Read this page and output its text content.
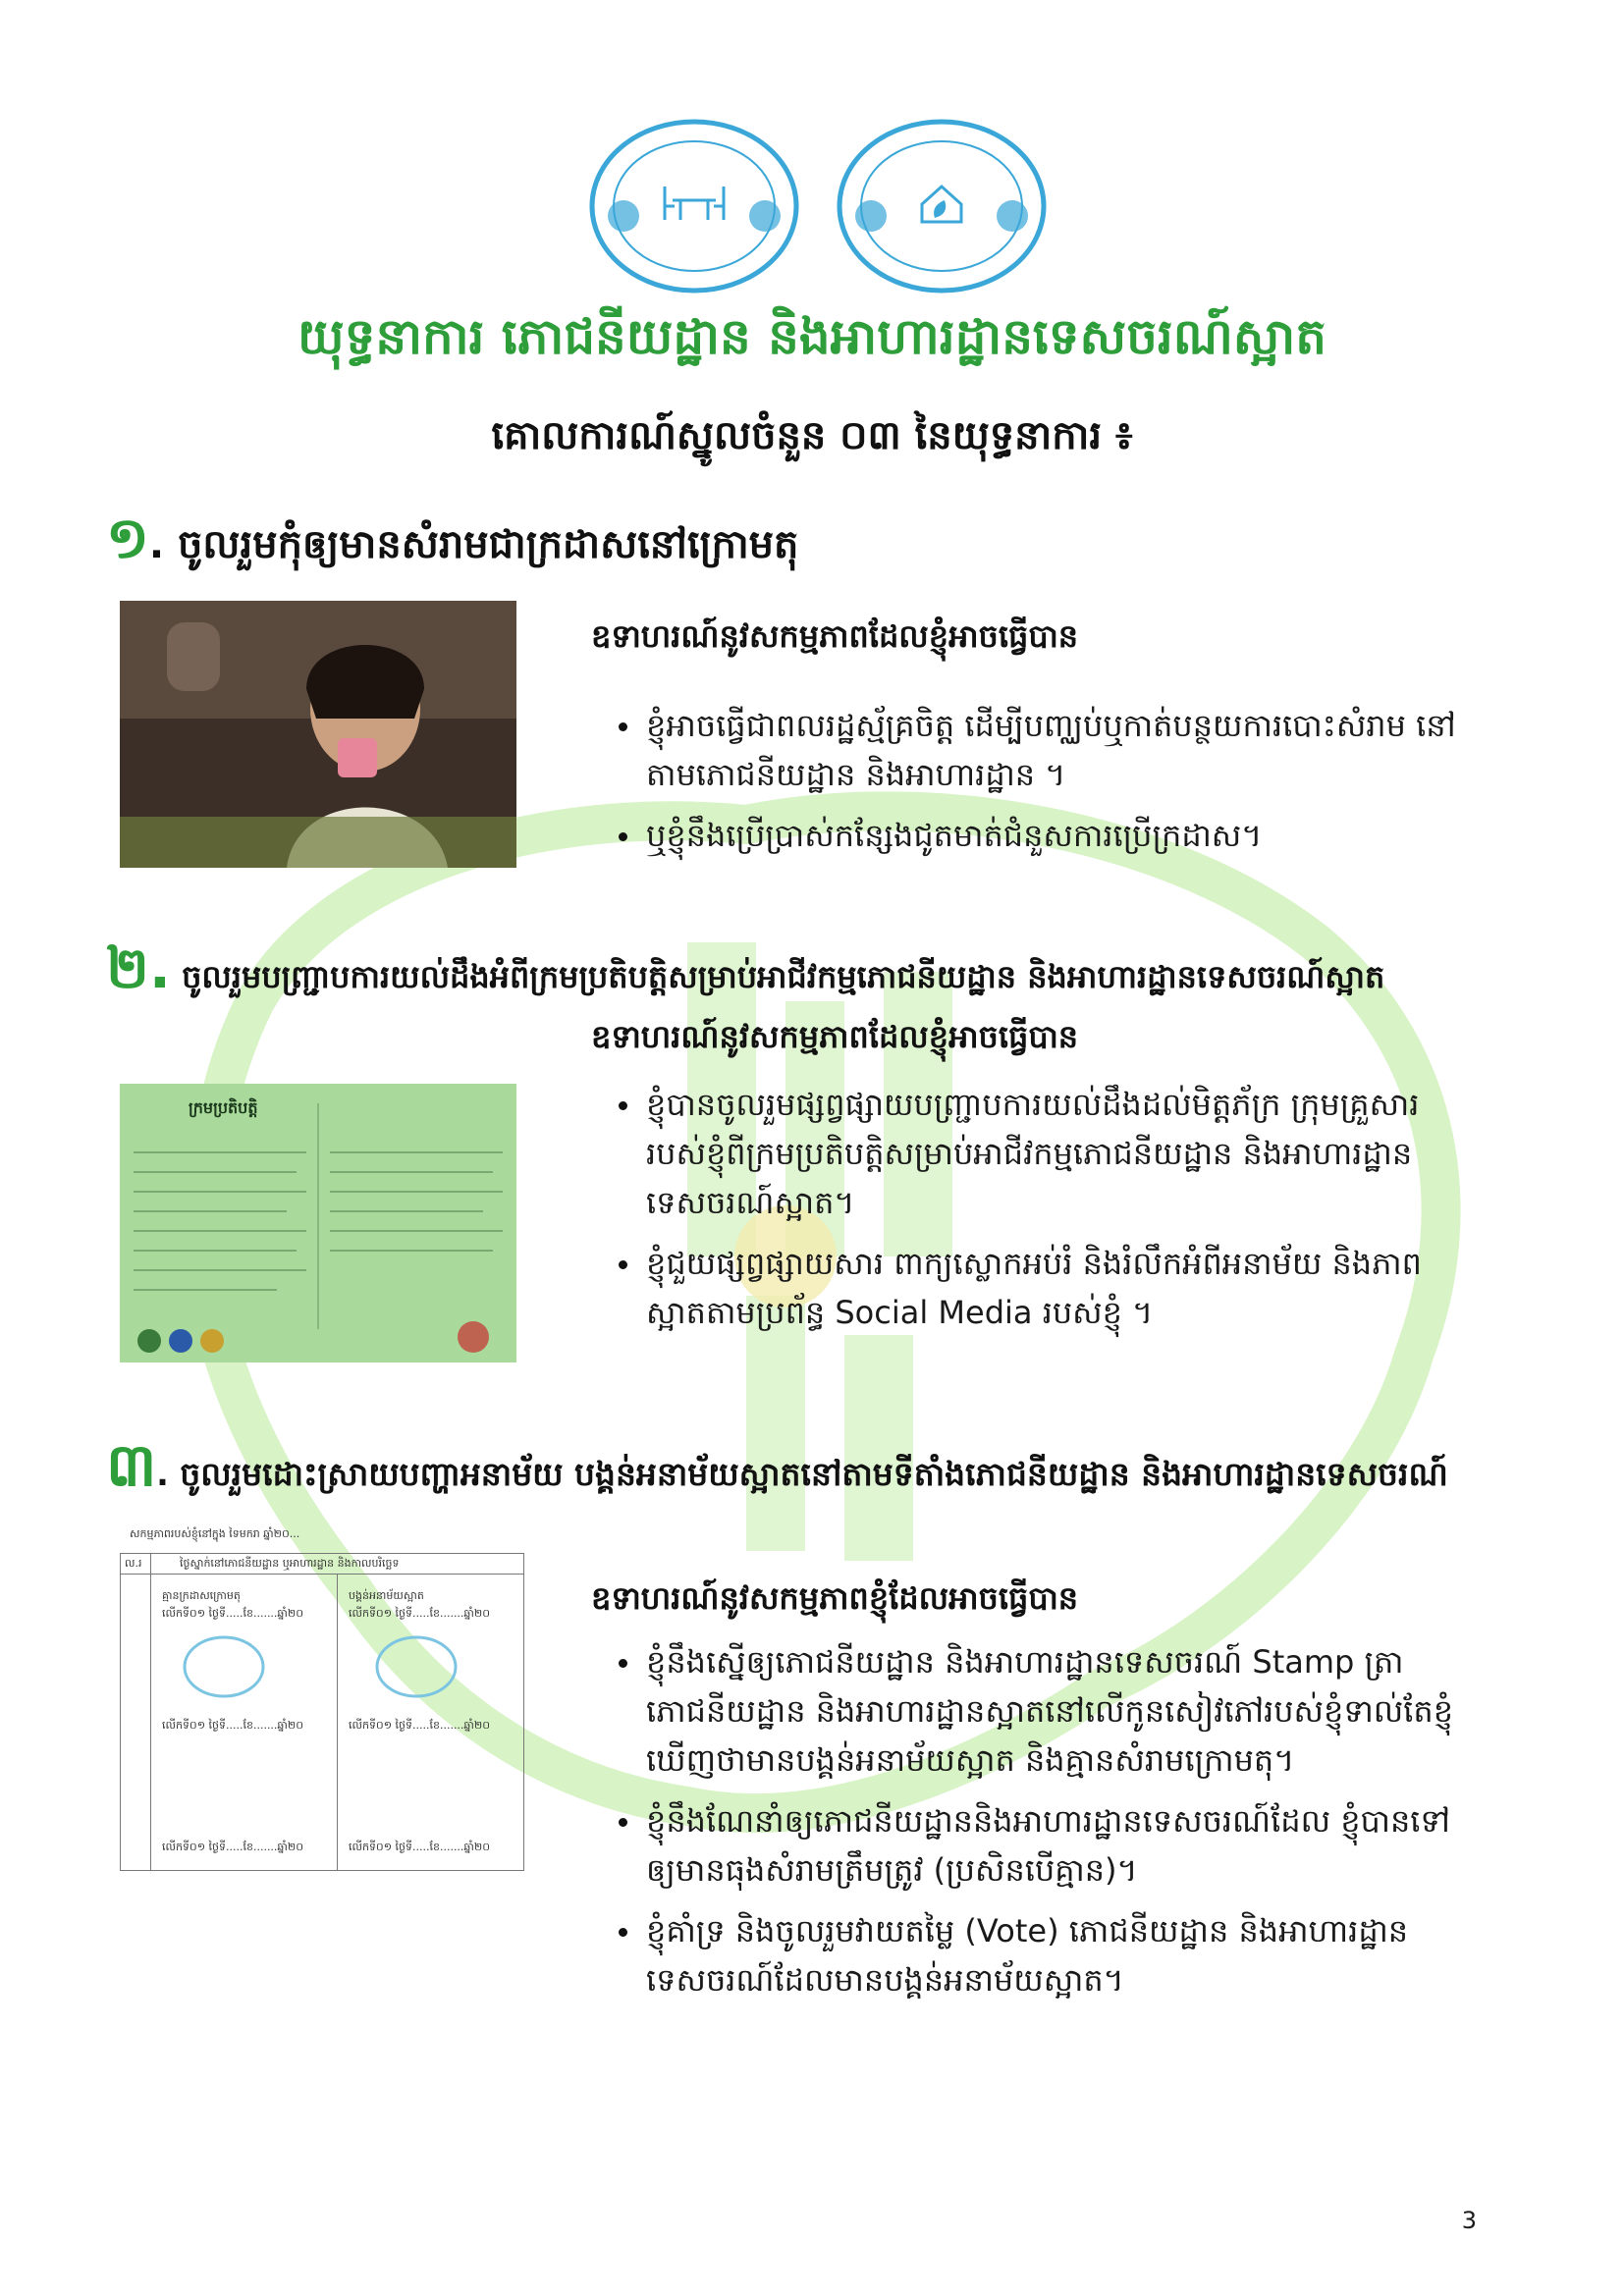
យុទ្ធនាការ ភោជនីយដ្ឋាន និងអាហារដ្ឋានទេសចរណ៍ស្អាត
គោលការណ៍ស្នូលចំនួន ០៣ នៃយុទ្ធនាការ ៖
១. ចូលរួមកុំឲ្យមានសំរាមជាក្រដាសនៅក្រោមតុ
ឧទាហរណ៍នូវសកម្មភាពដែលខ្ញុំអាចធ្វើបាន
ខ្ញុំអាចធ្វើជាពលរដ្ឋស្ម័គ្រចិត្ត ដើម្បីបញ្ឈប់ឬកាត់បន្ថយការបោះសំរាម នៅតាមភោជនីយដ្ឋាន និងអាហារដ្ឋាន ។
ឬខ្ញុំនឹងប្រើប្រាស់កន្សែងជូតមាត់ជំនួសការប្រើក្រដាស។
២. ចូលរួមបញ្ជ្រាបការយល់ដឹងអំពីក្រមប្រតិបត្តិសម្រាប់អាជីវកម្មភោជនីយដ្ឋាន និងអាហារដ្ឋានទេសចរណ៍ស្អាត
ឧទាហរណ៍នូវសកម្មភាពដែលខ្ញុំអាចធ្វើបាន
ក្រមប្រតិបត្តិ	ខ្ញុំបានចូលរួមផ្សព្វផ្សាយបញ្ជ្រាបការយល់ដឹងដល់មិត្តភ័ក្រ ក្រុមគ្រួសាររបស់ខ្ញុំពីក្រមប្រតិបត្តិសម្រាប់អាជីវកម្មភោជនីយដ្ឋាន និងអាហារដ្ឋានទេសចរណ៍ស្អាត។
ខ្ញុំជួយផ្សព្វផ្សាយសារ ពាក្យស្លោកអប់រំ និងរំលឹកអំពីអនាម័យ និងភាពស្អាតតាមប្រព័ន្ធ Social Media របស់ខ្ញុំ ។
៣. ចូលរួមដោះស្រាយបញ្ហាអនាម័យ បង្គន់អនាម័យស្អាតនៅតាមទីតាំងភោជនីយដ្ឋាន និងអាហារដ្ឋានទេសចរណ៍
សកម្មភាពរបស់ខ្ញុំនៅក្នុង ទៃមករា ឆ្នាំ២០...
ល.រ	ថ្ងៃស្នាក់នៅភោជនីយដ្ឋាន ឬអាហារដ្ឋាន និងកាលបរិច្ឆេទ
គ្មានក្រដាសក្រោមតុ	បង្គន់អនាម័យស្អាត
លើកទី០១ ថ្ងៃទី.....ខែ.......ឆ្នាំ២០	លើកទី០១ ថ្ងៃទី.....ខែ.......ឆ្នាំ២០
លើកទី០១ ថ្ងៃទី.....ខែ.......ឆ្នាំ២០	លើកទី០១ ថ្ងៃទី.....ខែ.......ឆ្នាំ២០
លើកទី០១ ថ្ងៃទី.....ខែ.......ឆ្នាំ២០	លើកទី០១ ថ្ងៃទី.....ខែ.......ឆ្នាំ២០
ឧទាហរណ៍នូវសកម្មភាពខ្ញុំដែលអាចធ្វើបាន
ខ្ញុំនឹងស្នើឲ្យភោជនីយដ្ឋាន និងអាហារដ្ឋានទេសចរណ៍ Stamp ត្រាភោជនីយដ្ឋាន និងអាហារដ្ឋានស្អាតនៅលើកូនសៀវភៅរបស់ខ្ញុំទាល់តែខ្ញុំឃើញថាមានបង្គន់អនាម័យស្អាត និងគ្មានសំរាមក្រោមតុ។
ខ្ញុំនឹងណែនាំឲ្យភោជនីយដ្ឋាននិងអាហារដ្ឋានទេសចរណ៍ដែល ខ្ញុំបានទៅ ឲ្យមានធុងសំរាមត្រឹមត្រូវ (ប្រសិនបើគ្មាន)។
ខ្ញុំគាំទ្រ និងចូលរួមវាយតម្លៃ (Vote) ភោជនីយដ្ឋាន និងអាហារដ្ឋានទេសចរណ៍ដែលមានបង្គន់អនាម័យស្អាត។
3
